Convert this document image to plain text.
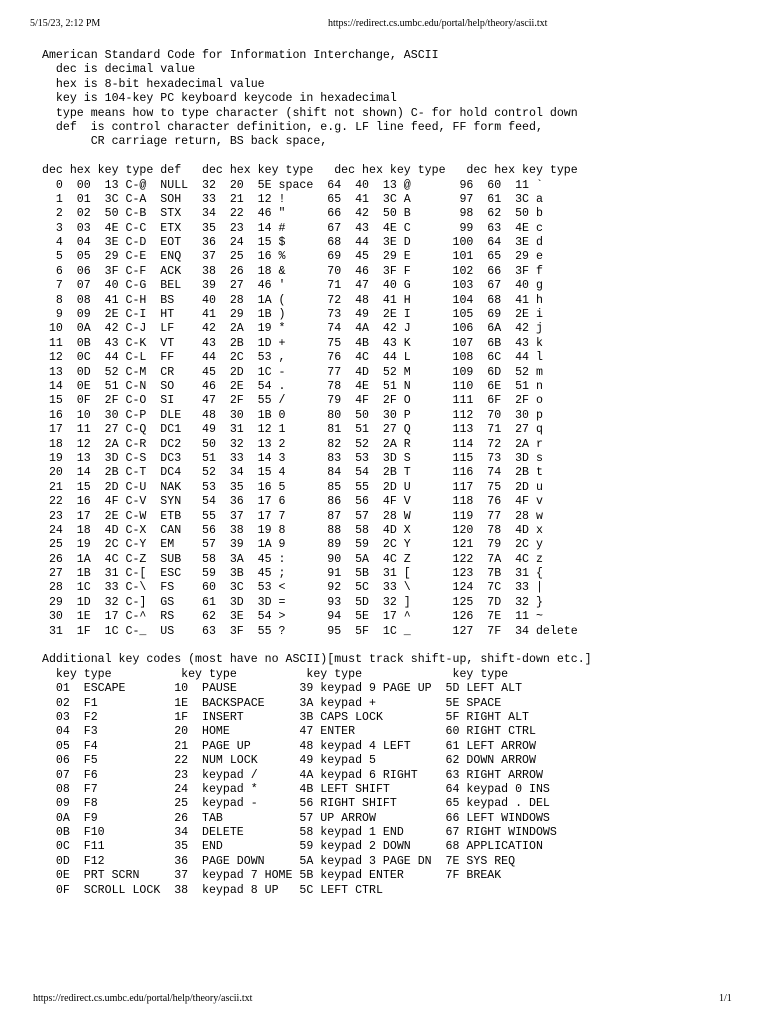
5/15/23, 2:12 PM	https://redirect.cs.umbc.edu/portal/help/theory/ascii.txt
American Standard Code for Information Interchange, ASCII
dec is decimal value
hex is 8-bit hexadecimal value
key is 104-key PC keyboard keycode in hexadecimal
type means how to type character (shift not shown) C- for hold control down
def  is control character definition, e.g. LF line feed, FF form feed,
CR carriage return, BS back space,
dec hex key type def   dec hex key type   dec hex key type   dec hex key type
0  00  13 C-@  NULL  32  20  5E space  64  40  13 @       96  60  11 `
1  01  3C C-A  SOH   33  21  12 !      65  41  3C A       97  61  3C a
2  02  50 C-B  STX   34  22  46 "      66  42  50 B       98  62  50 b
3  03  4E C-C  ETX   35  23  14 #      67  43  4E C       99  63  4E c
4  04  3E C-D  EOT   36  24  15 $      68  44  3E D      100  64  3E d
5  05  29 C-E  ENQ   37  25  16 %      69  45  29 E      101  65  29 e
6  06  3F C-F  ACK   38  26  18 &      70  46  3F F      102  66  3F f
7  07  40 C-G  BEL   39  27  46 '      71  47  40 G      103  67  40 g
8  08  41 C-H  BS    40  28  1A (      72  48  41 H      104  68  41 h
9  09  2E C-I  HT    41  29  1B )      73  49  2E I      105  69  2E i
10  0A  42 C-J  LF    42  2A  19 *      74  4A  42 J      106  6A  42 j
11  0B  43 C-K  VT    43  2B  1D +      75  4B  43 K      107  6B  43 k
12  0C  44 C-L  FF    44  2C  53 ,      76  4C  44 L      108  6C  44 l
13  0D  52 C-M  CR    45  2D  1C -      77  4D  52 M      109  6D  52 m
14  0E  51 C-N  SO    46  2E  54 .      78  4E  51 N      110  6E  51 n
15  0F  2F C-O  SI    47  2F  55 /      79  4F  2F O      111  6F  2F o
16  10  30 C-P  DLE   48  30  1B 0      80  50  30 P      112  70  30 p
17  11  27 C-Q  DC1   49  31  12 1      81  51  27 Q      113  71  27 q
18  12  2A C-R  DC2   50  32  13 2      82  52  2A R      114  72  2A r
19  13  3D C-S  DC3   51  33  14 3      83  53  3D S      115  73  3D s
20  14  2B C-T  DC4   52  34  15 4      84  54  2B T      116  74  2B t
21  15  2D C-U  NAK   53  35  16 5      85  55  2D U      117  75  2D u
22  16  4F C-V  SYN   54  36  17 6      86  56  4F V      118  76  4F v
23  17  2E C-W  ETB   55  37  17 7      87  57  28 W      119  77  28 w
24  18  4D C-X  CAN   56  38  19 8      88  58  4D X      120  78  4D x
25  19  2C C-Y  EM    57  39  1A 9      89  59  2C Y      121  79  2C y
26  1A  4C C-Z  SUB   58  3A  45 :      90  5A  4C Z      122  7A  4C z
27  1B  31 C-[  ESC   59  3B  45 ;      91  5B  31 [      123  7B  31 {
28  1C  33 C-\  FS    60  3C  53 <      92  5C  33 \      124  7C  33 |
29  1D  32 C-]  GS    61  3D  3D =      93  5D  32 ]      125  7D  32 }
30  1E  17 C-^  RS    62  3E  54 >      94  5E  17 ^      126  7E  11 ~
31  1F  1C C-_  US    63  3F  55 ?      95  5F  1C _      127  7F  34 delete
Additional key codes (most have no ASCII)[must track shift-up, shift-down etc.]
key type          key type          key type             key type
01  ESCAPE       10  PAUSE         39 keypad 9 PAGE UP  5D LEFT ALT
02  F1           1E  BACKSPACE     3A keypad +          5E SPACE
03  F2           1F  INSERT        3B CAPS LOCK         5F RIGHT ALT
04  F3           20  HOME          47 ENTER             60 RIGHT CTRL
05  F4           21  PAGE UP       48 keypad 4 LEFT     61 LEFT ARROW
06  F5           22  NUM LOCK      49 keypad 5          62 DOWN ARROW
07  F6           23  keypad /      4A keypad 6 RIGHT    63 RIGHT ARROW
08  F7           24  keypad *      4B LEFT SHIFT        64 keypad 0 INS
09  F8           25  keypad -      56 RIGHT SHIFT       65 keypad . DEL
0A  F9           26  TAB           57 UP ARROW          66 LEFT WINDOWS
0B  F10          34  DELETE        58 keypad 1 END      67 RIGHT WINDOWS
0C  F11          35  END           59 keypad 2 DOWN     68 APPLICATION
0D  F12          36  PAGE DOWN     5A keypad 3 PAGE DN  7E SYS REQ
0E  PRT SCRN     37  keypad 7 HOME 5B keypad ENTER      7F BREAK
0F  SCROLL LOCK  38  keypad 8 UP   5C LEFT CTRL
https://redirect.cs.umbc.edu/portal/help/theory/ascii.txt	1/1
